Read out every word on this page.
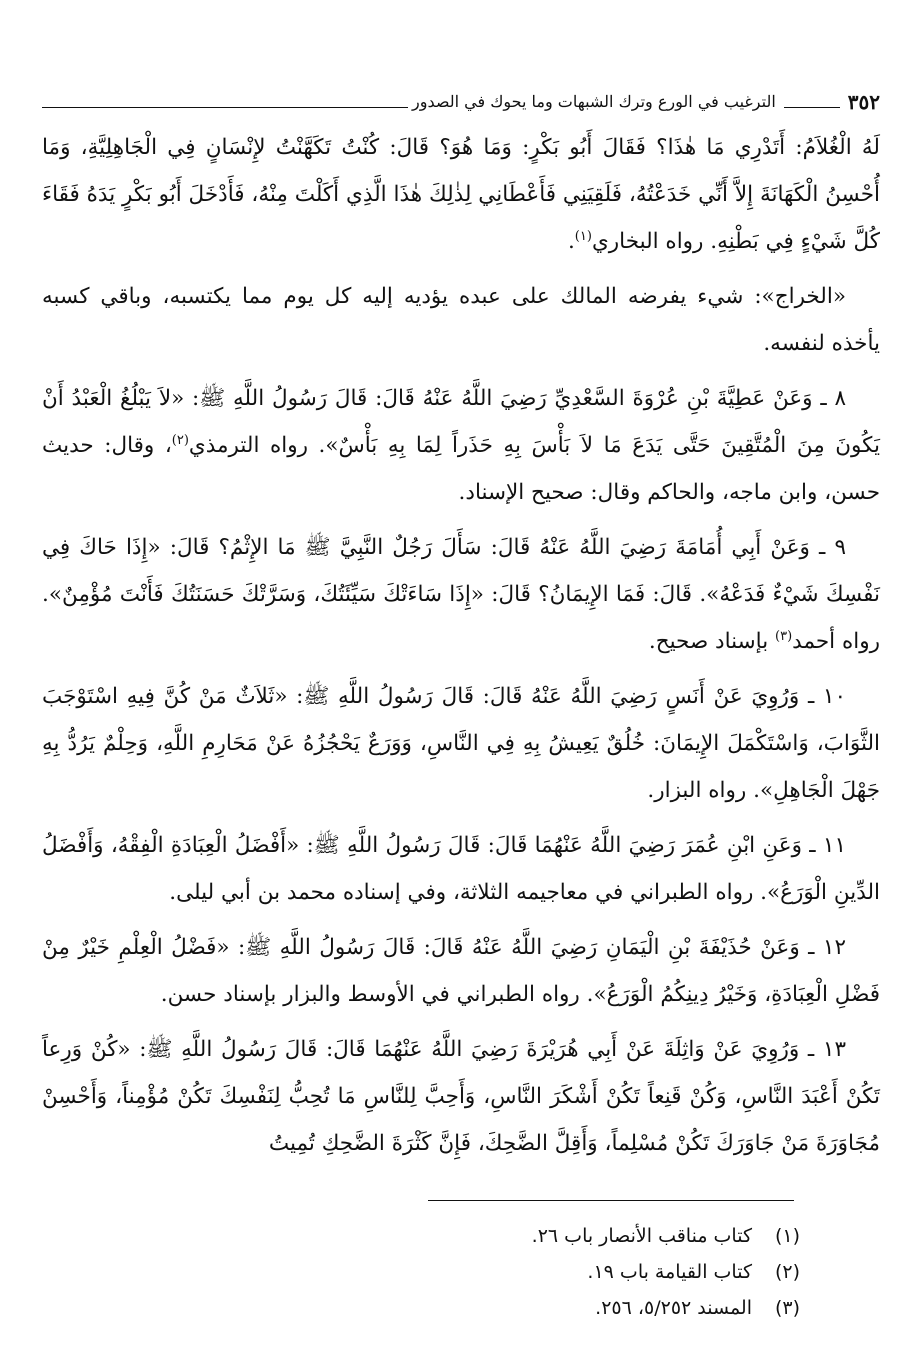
٣٥٢
الترغيب في الورع وترك الشبهات وما يحوك في الصدور

لَهُ الْغُلاَمُ: أَتَدْرِي مَا هٰذَا؟ فَقَالَ أَبُو بَكْرٍ: وَمَا هُوَ؟ قَالَ: كُنْتُ تَكَهَّنْتُ لإِنْسَانٍ فِي الْجَاهِلِيَّةِ، وَمَا أُحْسِنُ الْكَهَانَةَ إِلاَّ أَنِّي خَدَعْتُهُ، فَلَقِيَنِي فَأَعْطَانِي لِذٰلِكَ هٰذَا الَّذِي أَكَلْتَ مِنْهُ، فَأَدْخَلَ أَبُو بَكْرٍ يَدَهُ فَقَاءَ كُلَّ شَيْءٍ فِي بَطْنِهِ. رواه البخاري$^{(١)}$.

«الخراج»: شيء يفرضه المالك على عبده يؤديه إليه كل يوم مما يكتسبه، وباقي كسبه يأخذه لنفسه.

٨ ـ وَعَنْ عَطِيَّةَ بْنِ عُرْوَةَ السَّعْدِيِّ رَضِيَ اللَّهُ عَنْهُ قَالَ: قَالَ رَسُولُ اللَّهِ ﷺ: «لاَ يَبْلُغُ الْعَبْدُ أَنْ يَكُونَ مِنَ الْمُتَّقِينَ حَتَّى يَدَعَ مَا لاَ بَأْسَ بِهِ حَذَراً لِمَا بِهِ بَأْسٌ». رواه الترمذي$^{(٢)}$، وقال: حديث حسن، وابن ماجه، والحاكم وقال: صحيح الإسناد.

٩ ـ وَعَنْ أَبِي أُمَامَةَ رَضِيَ اللَّهُ عَنْهُ قَالَ: سَأَلَ رَجُلٌ النَّبِيَّ ﷺ مَا الإِثْمُ؟ قَالَ: «إِذَا حَاكَ فِي نَفْسِكَ شَيْءٌ فَدَعْهُ». قَالَ: فَمَا الإِيمَانُ؟ قَالَ: «إِذَا سَاءَتْكَ سَيِّئَتُكَ، وَسَرَّتْكَ حَسَنَتُكَ فَأَنْتَ مُؤْمِنٌ». رواه أحمد$^{(٣)}$ بإسناد صحيح.

١٠ ـ وَرُوِيَ عَنْ أَنَسٍ رَضِيَ اللَّهُ عَنْهُ قَالَ: قَالَ رَسُولُ اللَّهِ ﷺ: «ثَلاَثٌ مَنْ كُنَّ فِيهِ اسْتَوْجَبَ الثَّوَابَ، وَاسْتَكْمَلَ الإِيمَانَ: خُلُقٌ يَعِيشُ بِهِ فِي النَّاسِ، وَوَرَعٌ يَحْجُزُهُ عَنْ مَحَارِمِ اللَّهِ، وَحِلْمٌ يَرُدُّ بِهِ جَهْلَ الْجَاهِلِ». رواه البزار.

١١ ـ وَعَنِ ابْنِ عُمَرَ رَضِيَ اللَّهُ عَنْهُمَا قَالَ: قَالَ رَسُولُ اللَّهِ ﷺ: «أَفْضَلُ الْعِبَادَةِ الْفِقْهُ، وَأَفْضَلُ الدِّينِ الْوَرَعُ». رواه الطبراني في معاجيمه الثلاثة، وفي إسناده محمد بن أبي ليلى.

١٢ ـ وَعَنْ حُذَيْفَةَ بْنِ الْيَمَانِ رَضِيَ اللَّهُ عَنْهُ قَالَ: قَالَ رَسُولُ اللَّهِ ﷺ: «فَضْلُ الْعِلْمِ خَيْرٌ مِنْ فَضْلِ الْعِبَادَةِ، وَخَيْرُ دِينِكُمُ الْوَرَعُ». رواه الطبراني في الأوسط والبزار بإسناد حسن.

١٣ ـ وَرُوِيَ عَنْ وَاثِلَةَ عَنْ أَبِي هُرَيْرَةَ رَضِيَ اللَّهُ عَنْهُمَا قَالَ: قَالَ رَسُولُ اللَّهِ ﷺ: «كُنْ وَرِعاً تَكُنْ أَعْبَدَ النَّاسِ، وَكُنْ قَنِعاً تَكُنْ أَشْكَرَ النَّاسِ، وَأَحِبَّ لِلنَّاسِ مَا تُحِبُّ لِنَفْسِكَ تَكُنْ مُؤْمِناً، وَأَحْسِنْ مُجَاوَرَةَ مَنْ جَاوَرَكَ تَكُنْ مُسْلِماً، وَأَقِلَّ الضَّحِكَ، فَإِنَّ كَثْرَةَ الضَّحِكِ تُمِيتُ

(١)
كتاب مناقب الأنصار باب ٢٦.
(٢)
كتاب القيامة باب ١٩.
(٣)
المسند ٥/٢٥٢، ٢٥٦.
